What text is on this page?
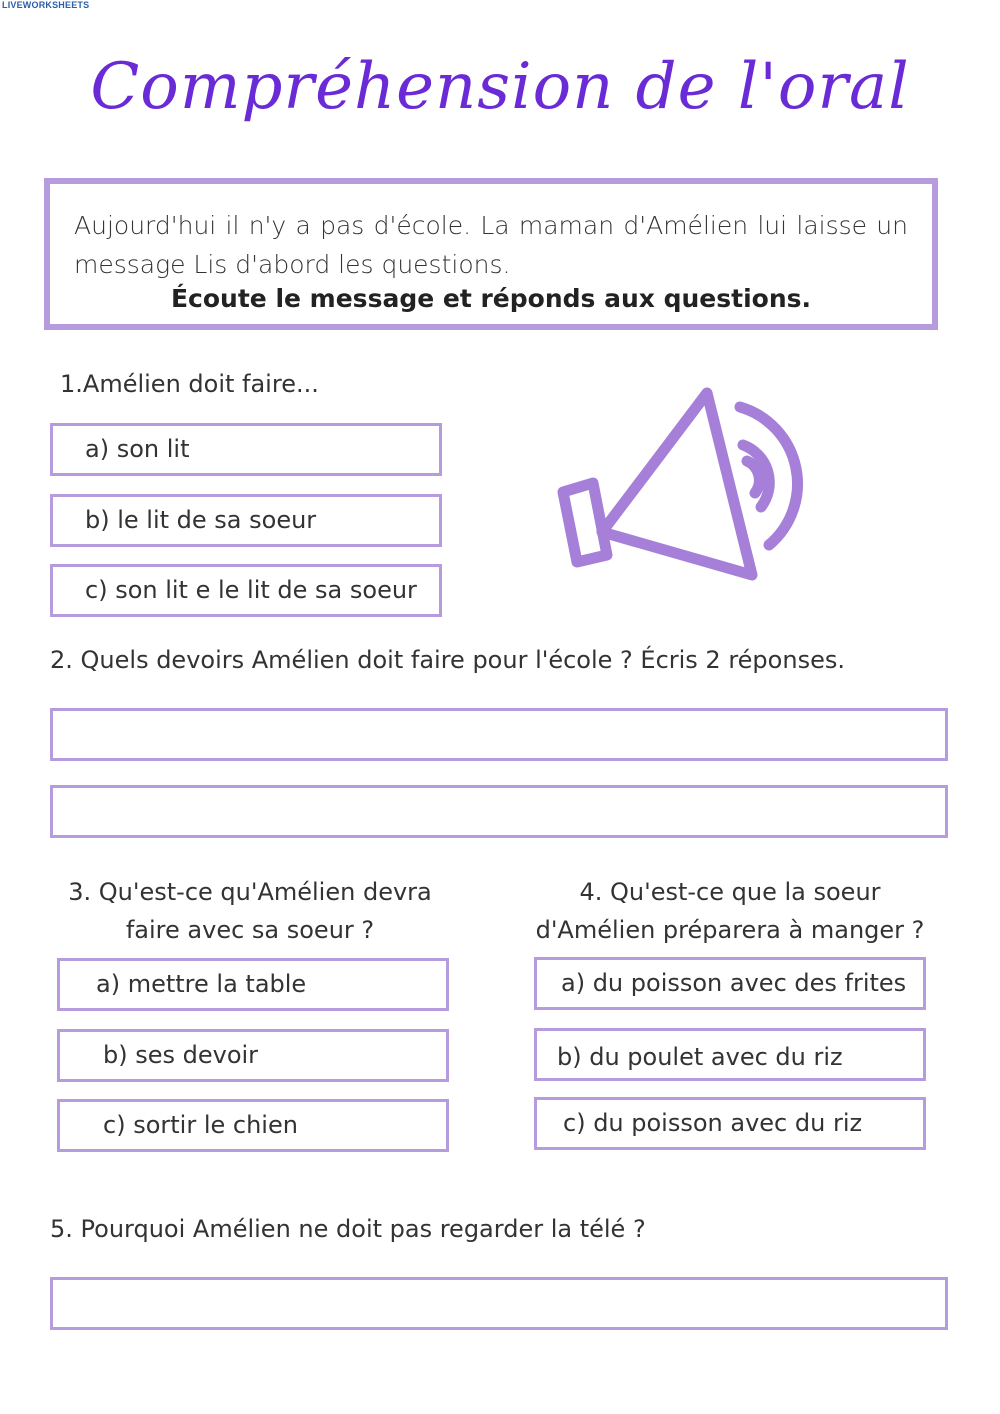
LIVEWORKSHEETS
Compréhension de l'oral
Aujourd'hui il n'y a pas d'école. La maman d'Amélien lui laisse un message Lis d'abord les questions.
Écoute le message et réponds aux questions.
1.Amélien doit faire...
a) son lit
b) le lit de sa soeur
c) son lit e le lit de sa soeur
2. Quels devoirs Amélien doit faire pour l'école ? Écris 2 réponses.
3. Qu'est-ce qu'Amélien devra
faire avec sa soeur ?
a) mettre la table
b) ses devoir
c) sortir le chien
4. Qu'est-ce que la soeur
d'Amélien préparera à manger ?
a) du poisson avec des frites
b) du poulet avec du riz
c) du poisson avec du riz
5. Pourquoi Amélien ne doit pas regarder la télé ?
